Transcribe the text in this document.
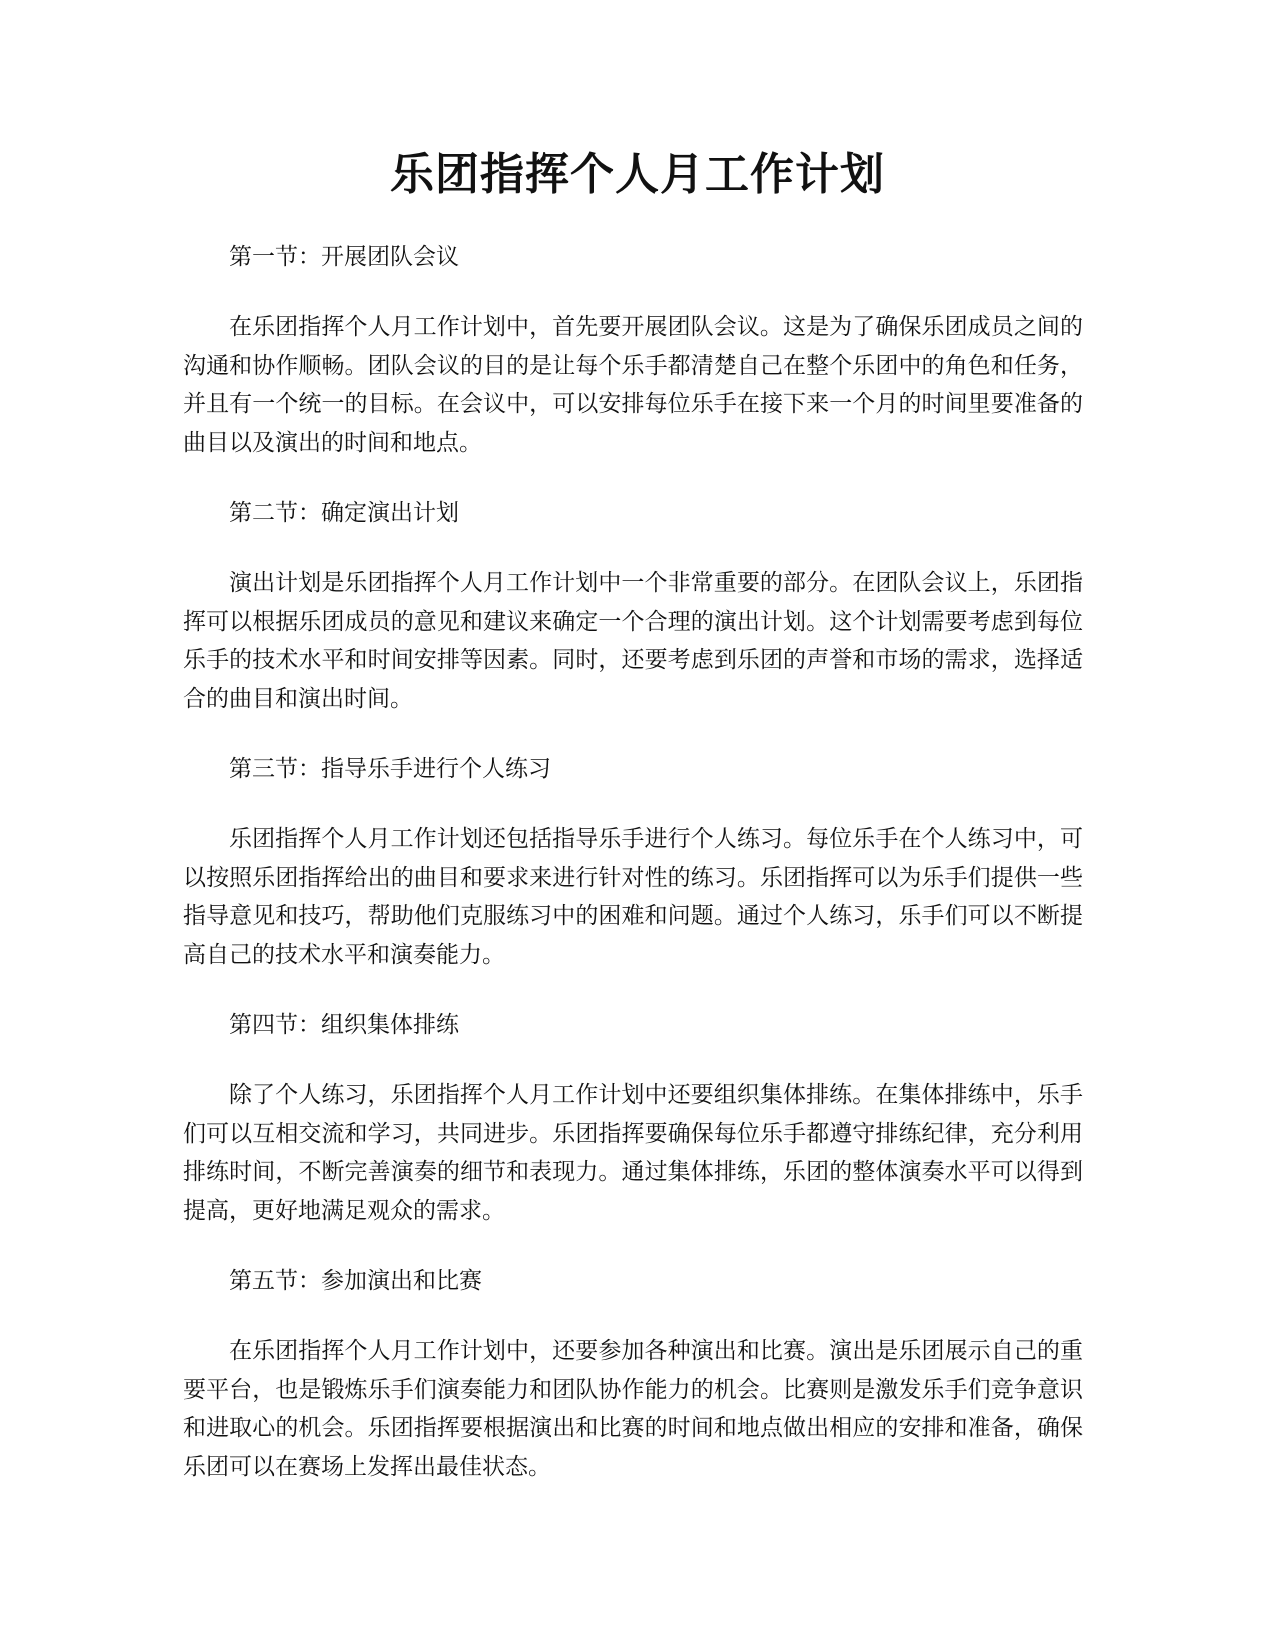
乐团指挥个人月工作计划
第一节：开展团队会议

在乐团指挥个人月工作计划中，首先要开展团队会议。这是为了确保乐团成员之间的沟通和协作顺畅。团队会议的目的是让每个乐手都清楚自己在整个乐团中的角色和任务，并且有一个统一的目标。在会议中，可以安排每位乐手在接下来一个月的时间里要准备的曲目以及演出的时间和地点。

第二节：确定演出计划

演出计划是乐团指挥个人月工作计划中一个非常重要的部分。在团队会议上，乐团指挥可以根据乐团成员的意见和建议来确定一个合理的演出计划。这个计划需要考虑到每位乐手的技术水平和时间安排等因素。同时，还要考虑到乐团的声誉和市场的需求，选择适合的曲目和演出时间。

第三节：指导乐手进行个人练习

乐团指挥个人月工作计划还包括指导乐手进行个人练习。每位乐手在个人练习中，可以按照乐团指挥给出的曲目和要求来进行针对性的练习。乐团指挥可以为乐手们提供一些指导意见和技巧，帮助他们克服练习中的困难和问题。通过个人练习，乐手们可以不断提高自己的技术水平和演奏能力。

第四节：组织集体排练

除了个人练习，乐团指挥个人月工作计划中还要组织集体排练。在集体排练中，乐手们可以互相交流和学习，共同进步。乐团指挥要确保每位乐手都遵守排练纪律，充分利用排练时间，不断完善演奏的细节和表现力。通过集体排练，乐团的整体演奏水平可以得到提高，更好地满足观众的需求。

第五节：参加演出和比赛

在乐团指挥个人月工作计划中，还要参加各种演出和比赛。演出是乐团展示自己的重要平台，也是锻炼乐手们演奏能力和团队协作能力的机会。比赛则是激发乐手们竞争意识和进取心的机会。乐团指挥要根据演出和比赛的时间和地点做出相应的安排和准备，确保乐团可以在赛场上发挥出最佳状态。
